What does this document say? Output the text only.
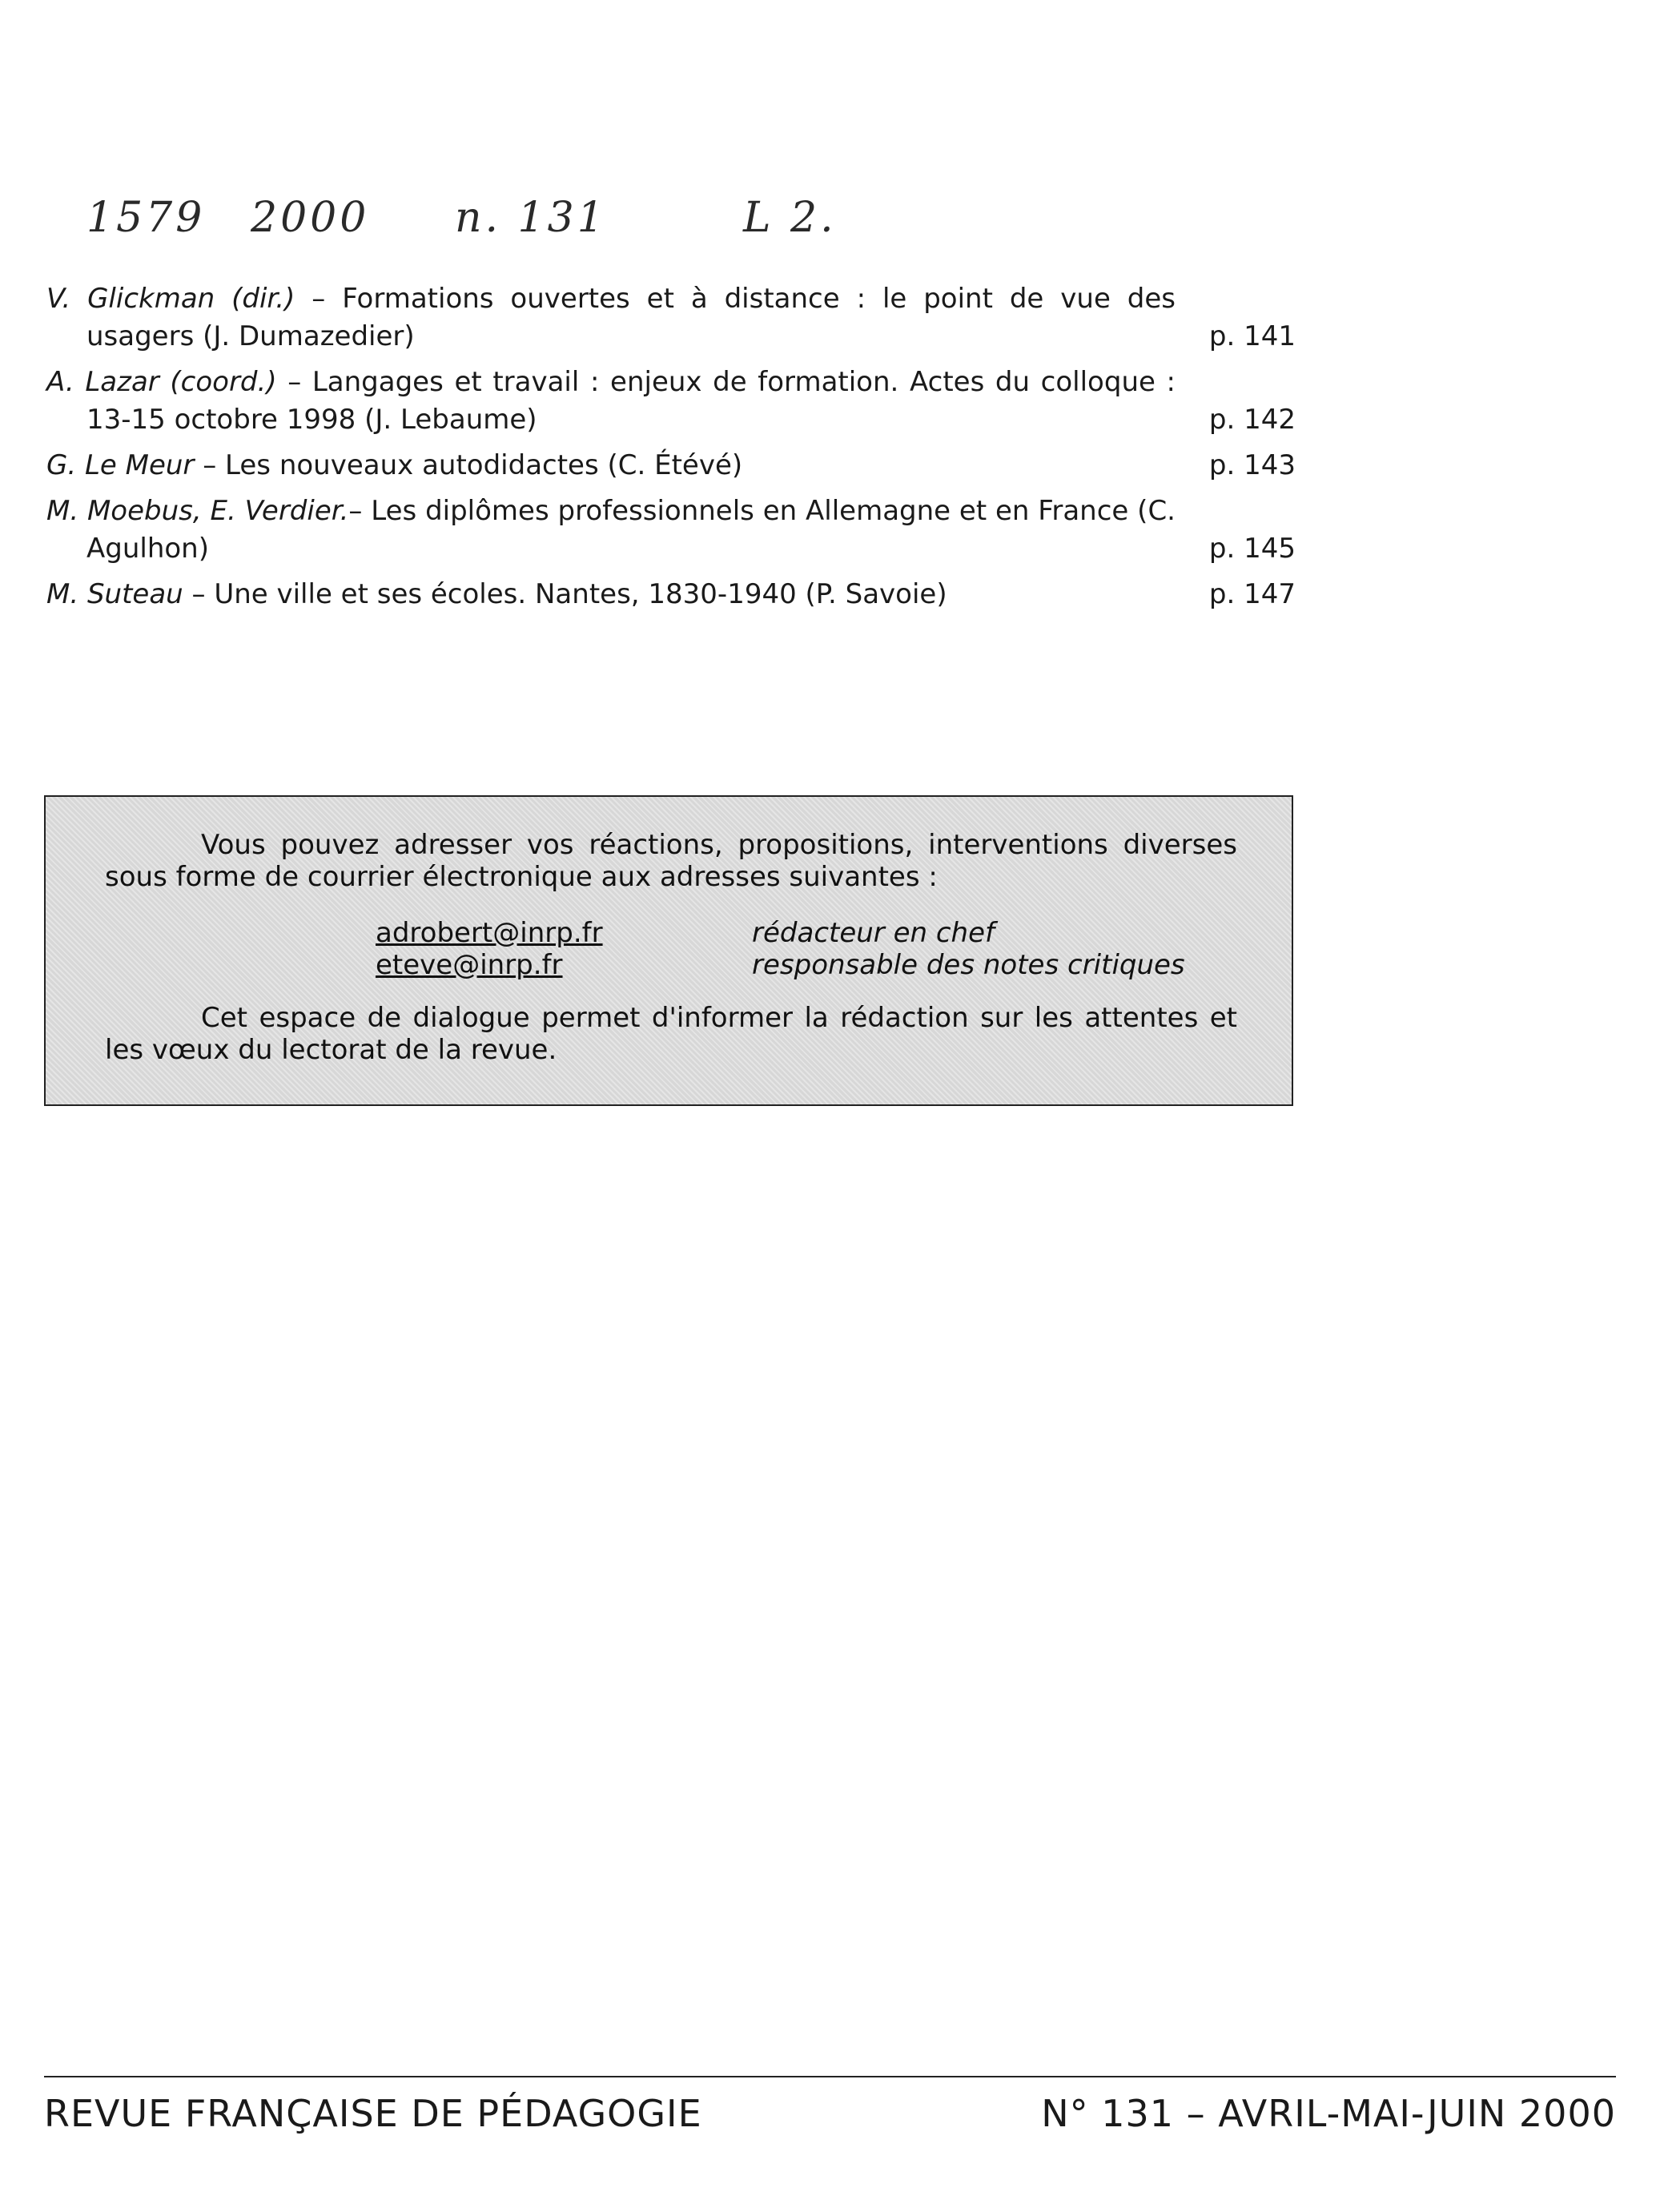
1579 2000 n. 131	L 2.
V. Glickman (dir.) – Formations ouvertes et à distance : le point de vue des usagers (J. Dumazedier)	p. 141
A. Lazar (coord.) – Langages et travail : enjeux de formation. Actes du colloque : 13-15 octobre 1998 (J. Lebaume)	p. 142
G. Le Meur – Les nouveaux autodidactes (C. Étévé)	p. 143
M. Moebus, E. Verdier.– Les diplômes professionnels en Allemagne et en France (C. Agulhon)	p. 145
M. Suteau – Une ville et ses écoles. Nantes, 1830-1940 (P. Savoie)	p. 147

Vous pouvez adresser vos réactions, propositions, interventions diverses sous forme de courrier électronique aux adresses suivantes :

adrobert@inrp.fr	rédacteur en chef
eteve@inrp.fr	responsable des notes critiques

Cet espace de dialogue permet d'informer la rédaction sur les attentes et les vœux du lectorat de la revue.

REVUE FRANÇAISE DE PÉDAGOGIE	N° 131 – AVRIL-MAI-JUIN 2000
